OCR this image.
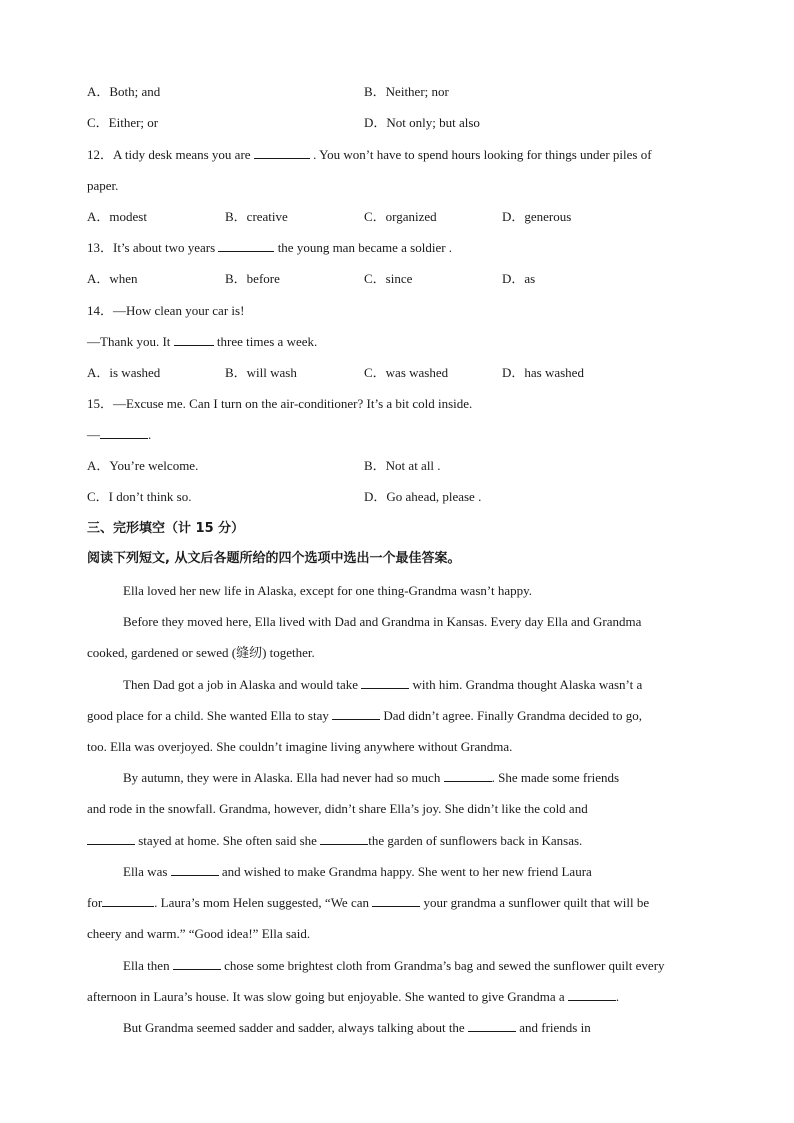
A．Both; and	B．Neither; nor
C．Either; or	D．Not only; but also
12．A tidy desk means you are	. You won’t have to spend hours looking for things under piles of
paper.
A．modest	B．creative	C．organized	D．generous
13．It’s about two years	the young man became a soldier .
A．when	B．before	C．since	D．as
14．—How clean your car is!
—Thank you. It	three times a week.
A．is washed	B．will wash	C．was washed	D．has washed
15．—Excuse me. Can I turn on the air-conditioner? It’s a bit cold inside.
—	.
A．You’re welcome.	B．Not at all .
C．I don’t think so.	D．Go ahead, please .
三、完形填空（计 15 分）
阅读下列短文, 从文后各题所给的四个选项中选出一个最佳答案。
Ella loved her new life in Alaska, except for one thing-Grandma wasn’t happy.
Before they moved here, Ella lived with Dad and Grandma in Kansas. Every day Ella and Grandma
cooked, gardened or sewed (缝纫) together.
Then Dad got a job in Alaska and would take	with him. Grandma thought Alaska wasn’t a
good place for a child. She wanted Ella to stay	Dad didn’t agree. Finally Grandma decided to go,
too. Ella was overjoyed. She couldn’t imagine living anywhere without Grandma.
By autumn, they were in Alaska. Ella had never had so much	. She made some friends
and rode in the snowfall. Grandma, however, didn’t share Ella’s joy. She didn’t like the cold and
stayed at home. She often said she	the garden of sunflowers back in Kansas.
Ella was	and wished to make Grandma happy. She went to her new friend Laura
for	. Laura’s mom Helen suggested, “We can	your grandma a sunflower quilt that will be
cheery and warm.” “Good idea!” Ella said.
Ella then	chose some brightest cloth from Grandma’s bag and sewed the sunflower quilt every
afternoon in Laura’s house. It was slow going but enjoyable. She wanted to give Grandma a	.
But Grandma seemed sadder and sadder, always talking about the	and friends in
